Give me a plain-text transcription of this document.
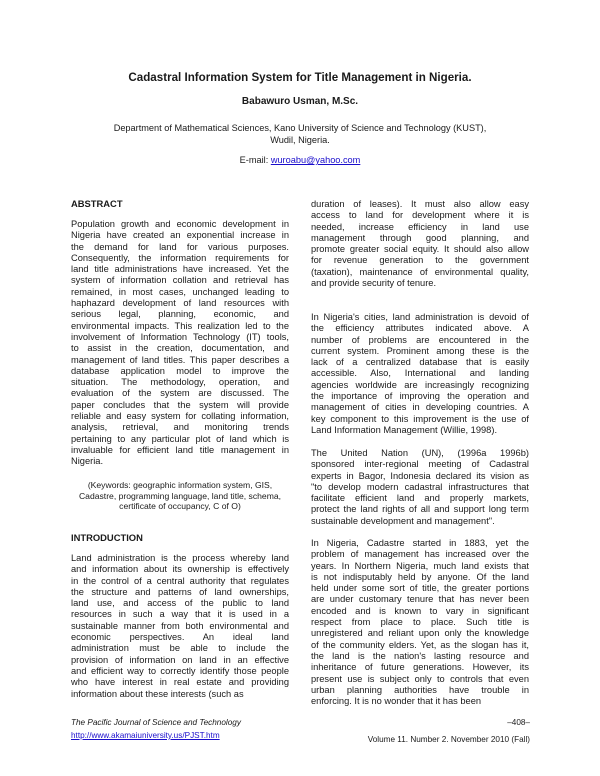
Cadastral Information System for Title Management in Nigeria.
Babawuro Usman, M.Sc.
Department of Mathematical Sciences, Kano University of Science and Technology (KUST),
Wudil, Nigeria.
E-mail: wuroabu@yahoo.com
ABSTRACT
Population growth and economic development in
Nigeria have created an exponential increase in
the demand for land for various purposes.
Consequently, the information requirements for
land title administrations have increased. Yet the
system of information collation and retrieval has
remained, in most cases, unchanged leading to
haphazard development of land resources with
serious legal, planning, economic, and
environmental impacts. This realization led to the
involvement of Information Technology (IT) tools,
to assist in the creation, documentation, and
management of land titles. This paper describes a
database application model to improve the
situation. The methodology, operation, and
evaluation of the system are discussed. The
paper concludes that the system will provide
reliable and easy system for collating information,
analysis, retrieval, and monitoring trends
pertaining to any particular plot of land which is
invaluable for efficient land title management in
Nigeria.
(Keywords: geographic information system, GIS,
Cadastre, programming language, land title, schema,
certificate of occupancy, C of O)
INTRODUCTION
Land administration is the process whereby land
and information about its ownership is effectively
in the control of a central authority that regulates
the structure and patterns of land ownerships,
land use, and access of the public to land
resources in such a way that it is used in a
sustainable manner from both environmental and
economic perspectives. An ideal land
administration must be able to include the
provision of information on land in an effective
and efficient way to correctly identify those people
who have interest in real estate and providing
information about these interests (such as
duration of leases). It must also allow easy
access to land for development where it is
needed, increase efficiency in land use
management through good planning, and
promote greater social equity. It should also allow
for revenue generation to the government
(taxation), maintenance of environmental quality,
and provide security of tenure.
In Nigeria's cities, land administration is devoid of
the efficiency attributes indicated above. A
number of problems are encountered in the
current system. Prominent among these is the
lack of a centralized database that is easily
accessible. Also, International and landing
agencies worldwide are increasingly recognizing
the importance of improving the operation and
management of cities in developing countries. A
key component to this improvement is the use of
Land Information Management (Willie, 1998).
The United Nation (UN), (1996a 1996b)
sponsored inter-regional meeting of Cadastral
experts in Bagor, Indonesia declared its vision as
"to develop modern cadastral infrastructures that
facilitate efficient land and properly markets,
protect the land rights of all and support long term
sustainable development and management".
In Nigeria, Cadastre started in 1883, yet the
problem of management has increased over the
years. In Northern Nigeria, much land exists that
is not indisputably held by anyone. Of the land
held under some sort of title, the greater portions
are under customary tenure that has never been
encoded and is known to vary in significant
respect from place to place. Such title is
unregistered and reliant upon only the knowledge
of the community elders. Yet, as the slogan has it,
the land is the nation's lasting resource and
inheritance of future generations. However, its
present use is subject only to controls that even
urban planning authorities have trouble in
enforcing. It is no wonder that it has been
The Pacific Journal of Science and Technology
http://www.akamaiuniversity.us/PJST.htm
–408–
Volume 11. Number 2. November 2010 (Fall)
